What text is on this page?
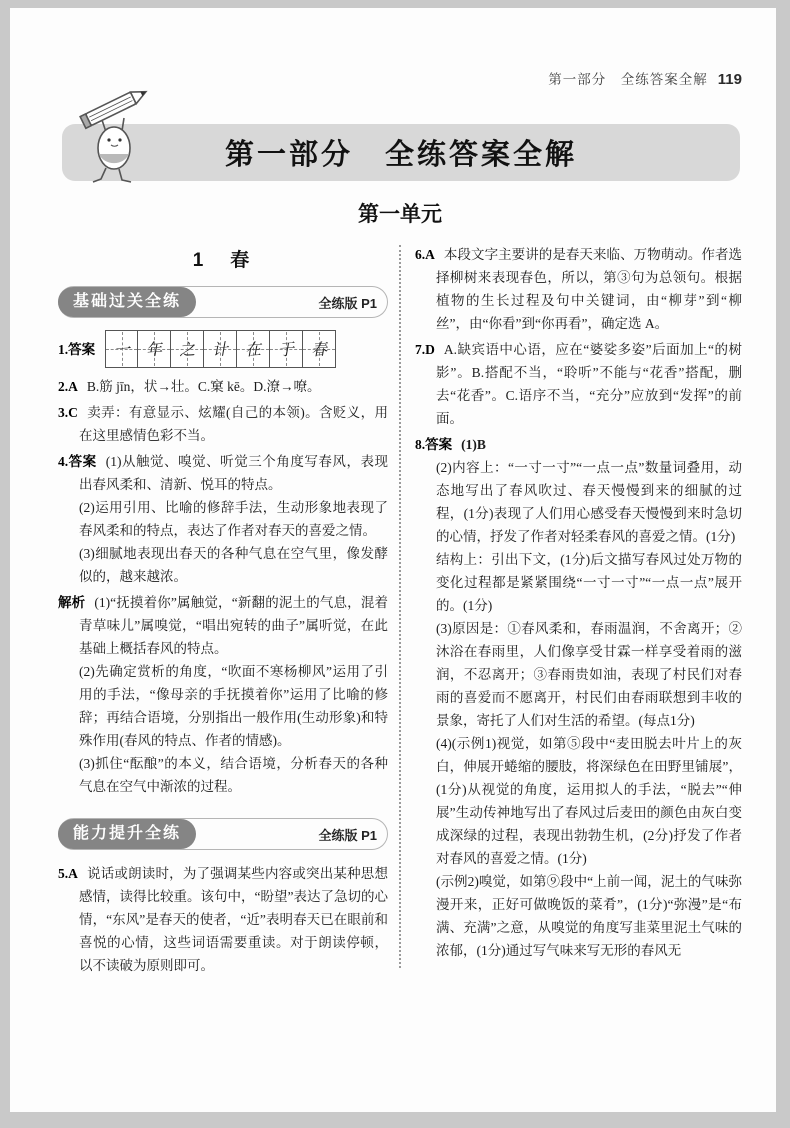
第一部分　全练答案全解 119
第一部分　全练答案全解
第一单元
1　春
基础过关全练	全练版 P1
1.答案 一 年 之 计 在 于 春

2.A B.筋 jīn，状→壮。C.窠 kē。D.潦→嘹。

3.C 卖弄：有意显示、炫耀(自己的本领)。含贬义，用在这里感情色彩不当。

4.答案 (1)从触觉、嗅觉、听觉三个角度写春风，表现出春风柔和、清新、悦耳的特点。

(2)运用引用、比喻的修辞手法，生动形象地表现了春风柔和的特点，表达了作者对春天的喜爱之情。

(3)细腻地表现出春天的各种气息在空气里，像发酵似的，越来越浓。

解析 (1)“抚摸着你”属触觉，“新翻的泥土的气息，混着青草味儿”属嗅觉，“唱出宛转的曲子”属听觉，在此基础上概括春风的特点。

(2)先确定赏析的角度，“吹面不寒杨柳风”运用了引用的手法，“像母亲的手抚摸着你”运用了比喻的修辞；再结合语境，分别指出一般作用(生动形象)和特殊作用(春风的特点、作者的情感)。

(3)抓住“酝酿”的本义，结合语境，分析春天的各种气息在空气中渐浓的过程。

能力提升全练	全练版 P1

5.A 说话或朗读时，为了强调某些内容或突出某种思想感情，读得比较重。该句中，“盼望”表达了急切的心情，“东风”是春天的使者，“近”表明春天已在眼前和喜悦的心情，这些词语需要重读。对于朗读停顿，以不读破为原则即可。

6.A 本段文字主要讲的是春天来临、万物萌动。作者选择柳树来表现春色，所以，第③句为总领句。根据植物的生长过程及句中关键词，由“柳芽”到“柳丝”，由“你看”到“你再看”，确定选 A。

7.D A.缺宾语中心语，应在“婆娑多姿”后面加上“的树影”。B.搭配不当，“聆听”不能与“花香”搭配，删去“花香”。C.语序不当，“充分”应放到“发挥”的前面。

8.答案 (1)B

(2)内容上：“一寸一寸”“一点一点”数量词叠用，动态地写出了春风吹过、春天慢慢到来的细腻的过程，(1分)表现了人们用心感受春天慢慢到来时急切的心情，抒发了作者对轻柔春风的喜爱之情。(1分)

结构上：引出下文，(1分)后文描写春风过处万物的变化过程都是紧紧围绕“一寸一寸”“一点一点”展开的。(1分)

(3)原因是：①春风柔和，春雨温润，不舍离开；②沐浴在春雨里，人们像享受甘霖一样享受着雨的滋润，不忍离开；③春雨贵如油，表现了村民们对春雨的喜爱而不愿离开，村民们由春雨联想到丰收的景象，寄托了人们对生活的希望。(每点1分)

(4)(示例1)视觉，如第⑤段中“麦田脱去叶片上的灰白，伸展开蜷缩的腰肢，将深绿色在田野里铺展”，(1分)从视觉的角度，运用拟人的手法，“脱去”“伸展”生动传神地写出了春风过后麦田的颜色由灰白变成深绿的过程，表现出勃勃生机，(2分)抒发了作者对春风的喜爱之情。(1分)

(示例2)嗅觉，如第⑨段中“上前一闻，泥土的气味弥漫开来，正好可做晚饭的菜肴”，(1分)“弥漫”是“布满、充满”之意，从嗅觉的角度写韭菜里泥土气味的浓郁，(1分)通过写气味来写无形的春风无
